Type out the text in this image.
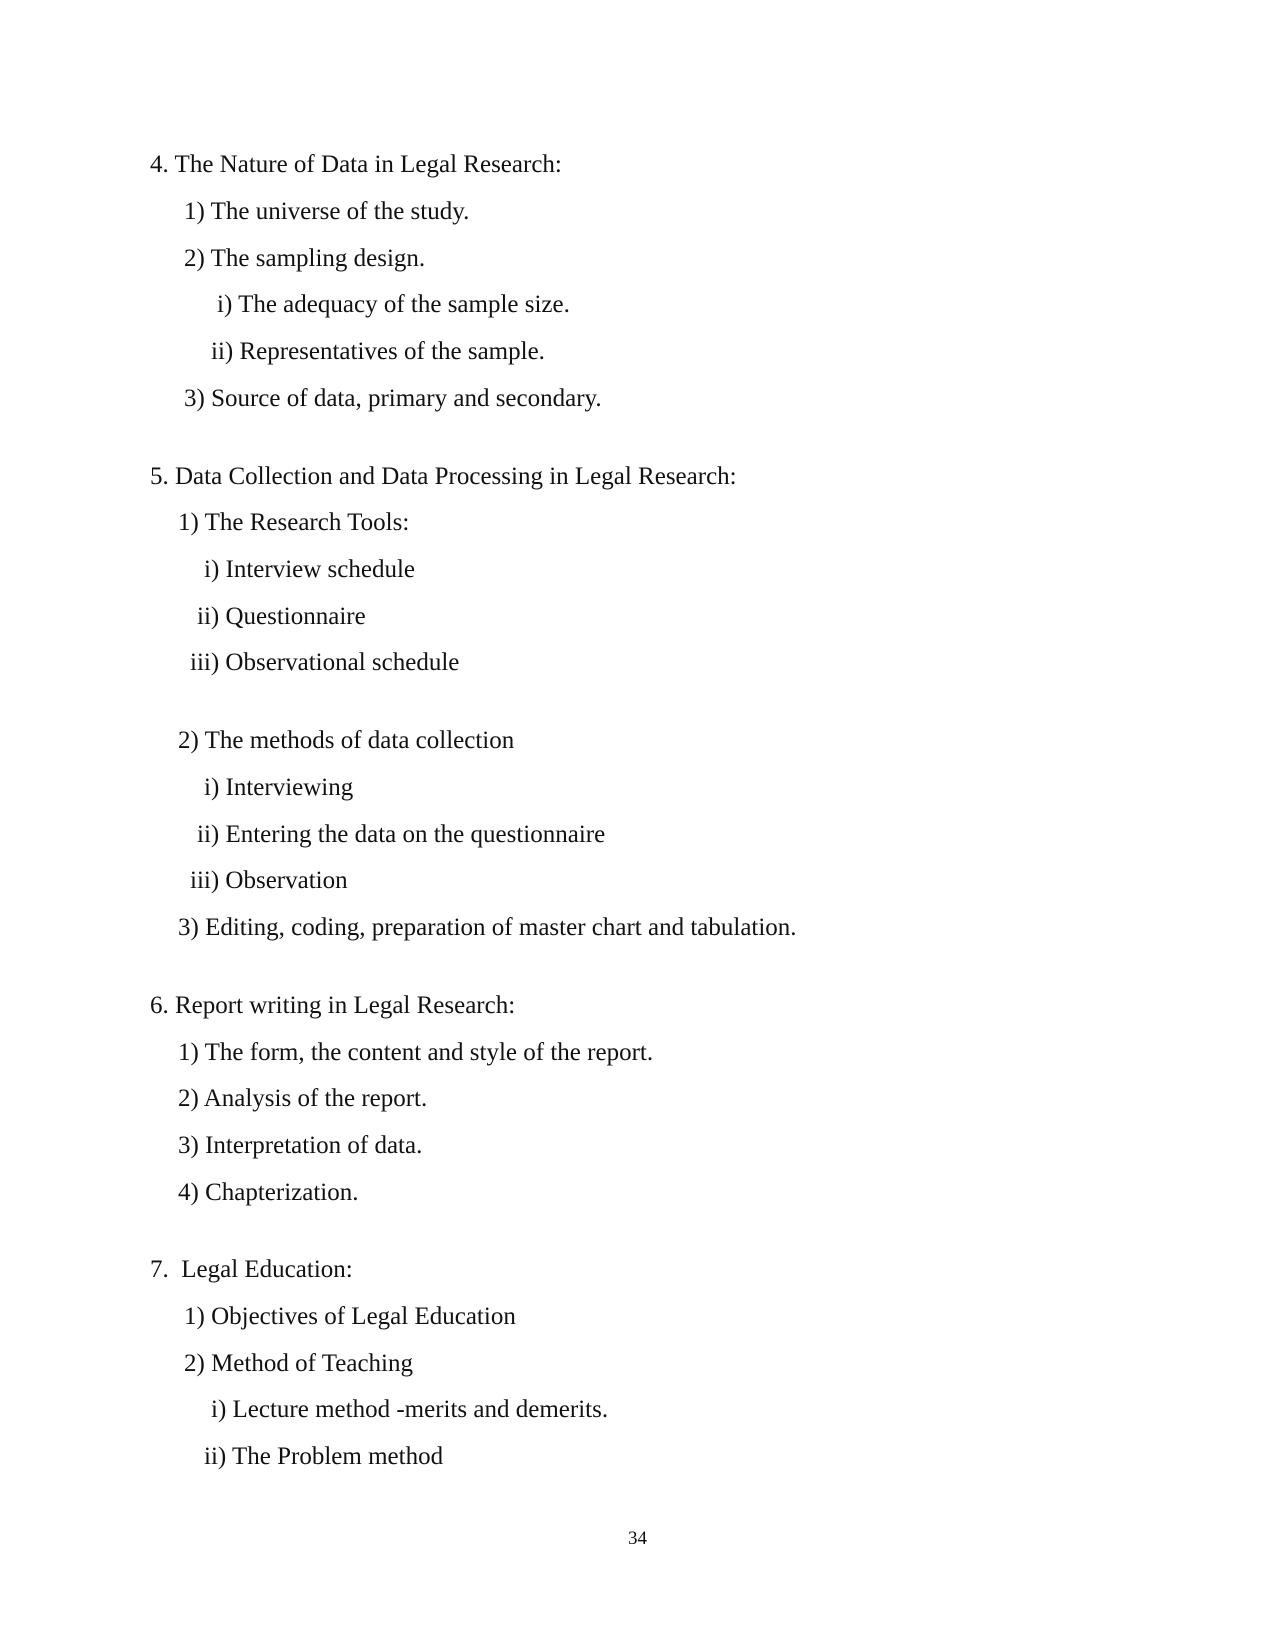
4. The Nature of Data in Legal Research:
1) The universe of the study.
2) The sampling design.
i) The adequacy of the sample size.
ii) Representatives of the sample.
3) Source of data, primary and secondary.
5. Data Collection and Data Processing in Legal Research:
1) The Research Tools:
i) Interview schedule
ii) Questionnaire
iii) Observational schedule
2) The methods of data collection
i) Interviewing
ii) Entering the data on the questionnaire
iii) Observation
3) Editing, coding, preparation of master chart and tabulation.
6. Report writing in Legal Research:
1) The form, the content and style of the report.
2) Analysis of the report.
3) Interpretation of data.
4) Chapterization.
7.  Legal Education:
1) Objectives of Legal Education
2) Method of Teaching
i) Lecture method -merits and demerits.
ii) The Problem method
34
